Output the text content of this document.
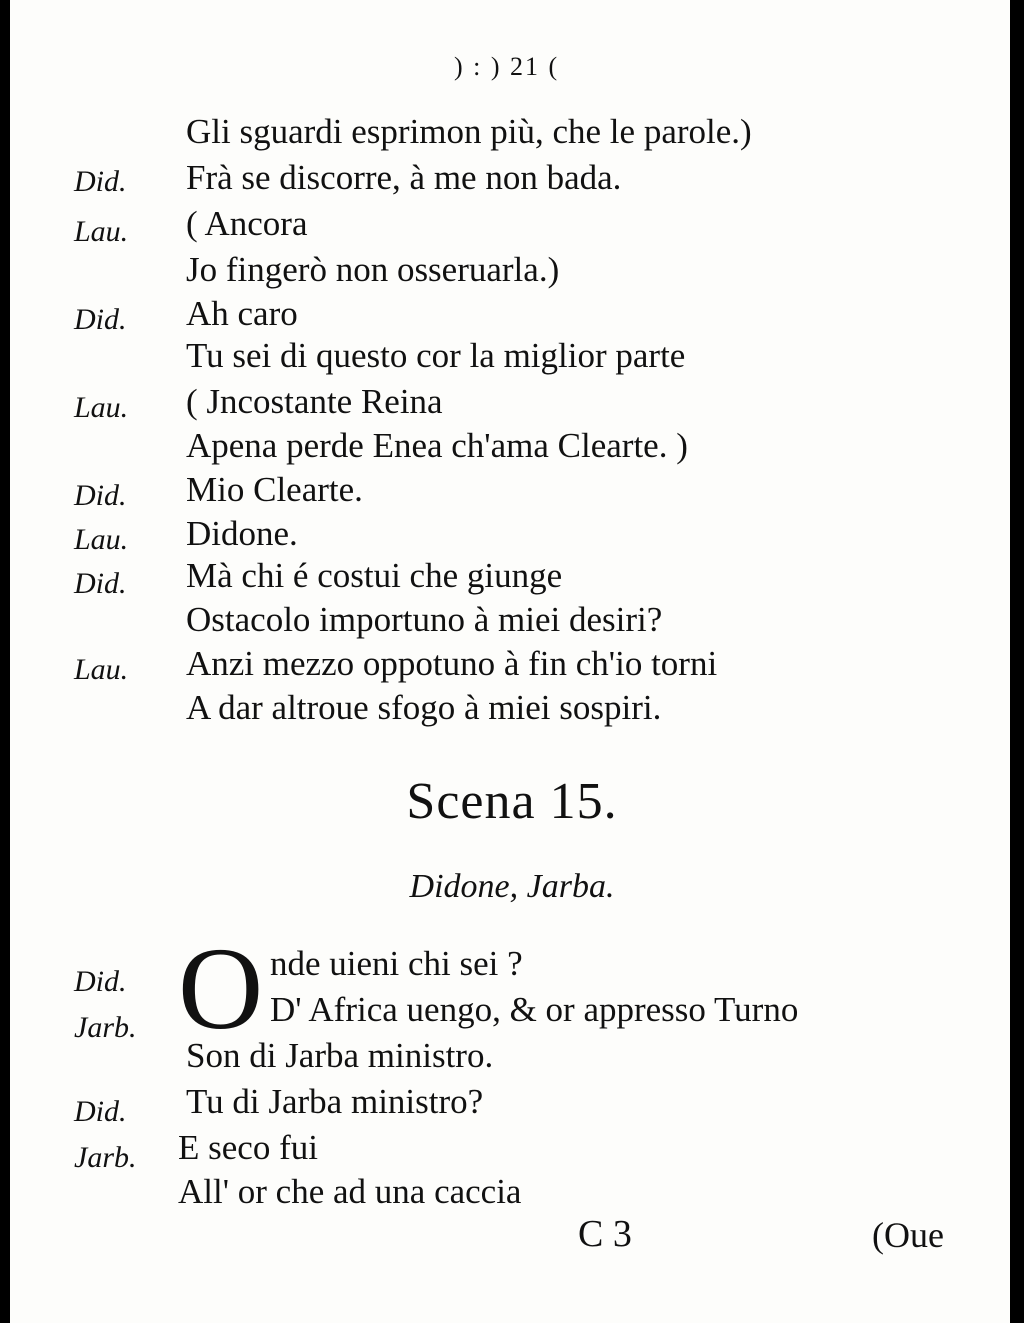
) : ) 21 (
Gli sguardi esprimon più, che le parole.)
Did. Frà se discorre, à me non bada.
Lau. ( Ancora
Jo fingerò non osseruarla.)
Did. Ah caro
Tu sei di questo cor la miglior parte
Lau. ( Jncostante Reina
Apena perde Enea ch'ama Clearte. )
Did. Mio Clearte.
Lau. Didone.
Did. Mà chi é costui che giunge
Ostacolo importuno à miei desiri?
Lau. Anzi mezzo oppotuno à fin ch'io torni
A dar altroue sfogo à miei sospiri.
Scena 15.
Didone, Jarba.
O
Did.	nde uieni chi sei ?
Jarb.	D' Africa uengo, & or appresso Turno
Son di Jarba ministro.
Did. Tu di Jarba ministro?
Jarb. E seco fui
All' or che ad una caccia
C 3	(Oue
